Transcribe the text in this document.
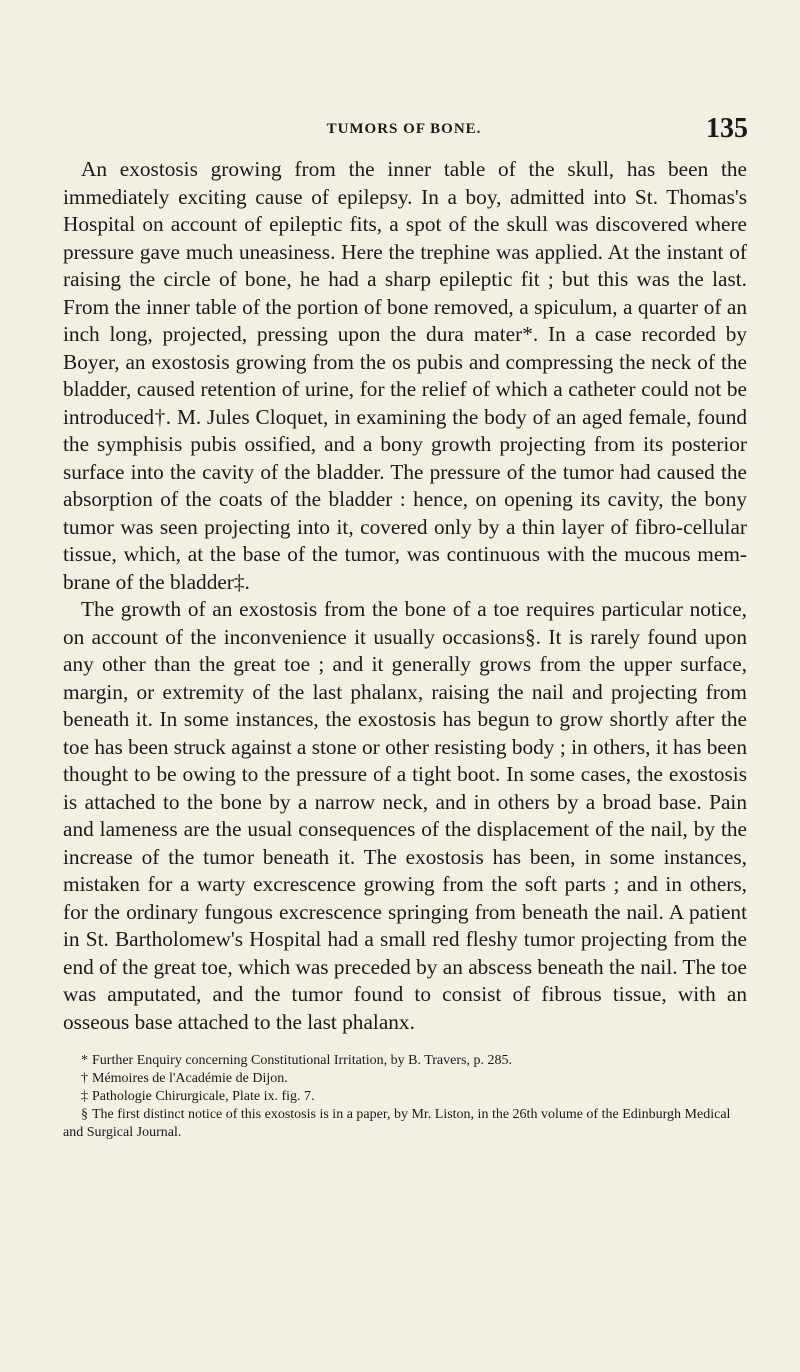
TUMORS OF BONE.	135

An exostosis growing from the inner table of the skull, has been the immediately exciting cause of epilepsy. In a boy, admitted into St. Thomas's Hospital on account of epileptic fits, a spot of the skull was discovered where pressure gave much uneasiness. Here the trephine was applied. At the instant of raising the circle of bone, he had a sharp epileptic fit ; but this was the last. From the inner table of the portion of bone removed, a spiculum, a quarter of an inch long, projected, pressing upon the dura mater*. In a case recorded by Boyer, an exostosis growing from the os pubis and compressing the neck of the bladder, caused retention of urine, for the relief of which a catheter could not be introduced†. M. Jules Cloquet, in examining the body of an aged female, found the symphisis pubis ossified, and a bony growth projecting from its posterior surface into the cavity of the bladder. The pressure of the tumor had caused the absorption of the coats of the bladder : hence, on opening its cavity, the bony tumor was seen projecting into it, covered only by a thin layer of fibro-cellular tissue, which, at the base of the tumor, was continuous with the mucous membrane of the bladder‡.

The growth of an exostosis from the bone of a toe requires particular notice, on account of the inconvenience it usually occasions§. It is rarely found upon any other than the great toe ; and it generally grows from the upper surface, margin, or extremity of the last phalanx, raising the nail and projecting from beneath it. In some instances, the exostosis has begun to grow shortly after the toe has been struck against a stone or other resisting body ; in others, it has been thought to be owing to the pressure of a tight boot. In some cases, the exostosis is attached to the bone by a narrow neck, and in others by a broad base. Pain and lameness are the usual consequences of the displacement of the nail, by the increase of the tumor beneath it. The exostosis has been, in some instances, mistaken for a warty excrescence growing from the soft parts ; and in others, for the ordinary fungous excrescence springing from beneath the nail. A patient in St. Bartholomew's Hospital had a small red fleshy tumor projecting from the end of the great toe, which was preceded by an abscess beneath the nail. The toe was amputated, and the tumor found to consist of fibrous tissue, with an osseous base attached to the last phalanx.

* Further Enquiry concerning Constitutional Irritation, by B. Travers, p. 285.

† Mémoires de l'Académie de Dijon.

‡ Pathologie Chirurgicale, Plate ix. fig. 7.

§ The first distinct notice of this exostosis is in a paper, by Mr. Liston, in the 26th volume of the Edinburgh Medical and Surgical Journal.
